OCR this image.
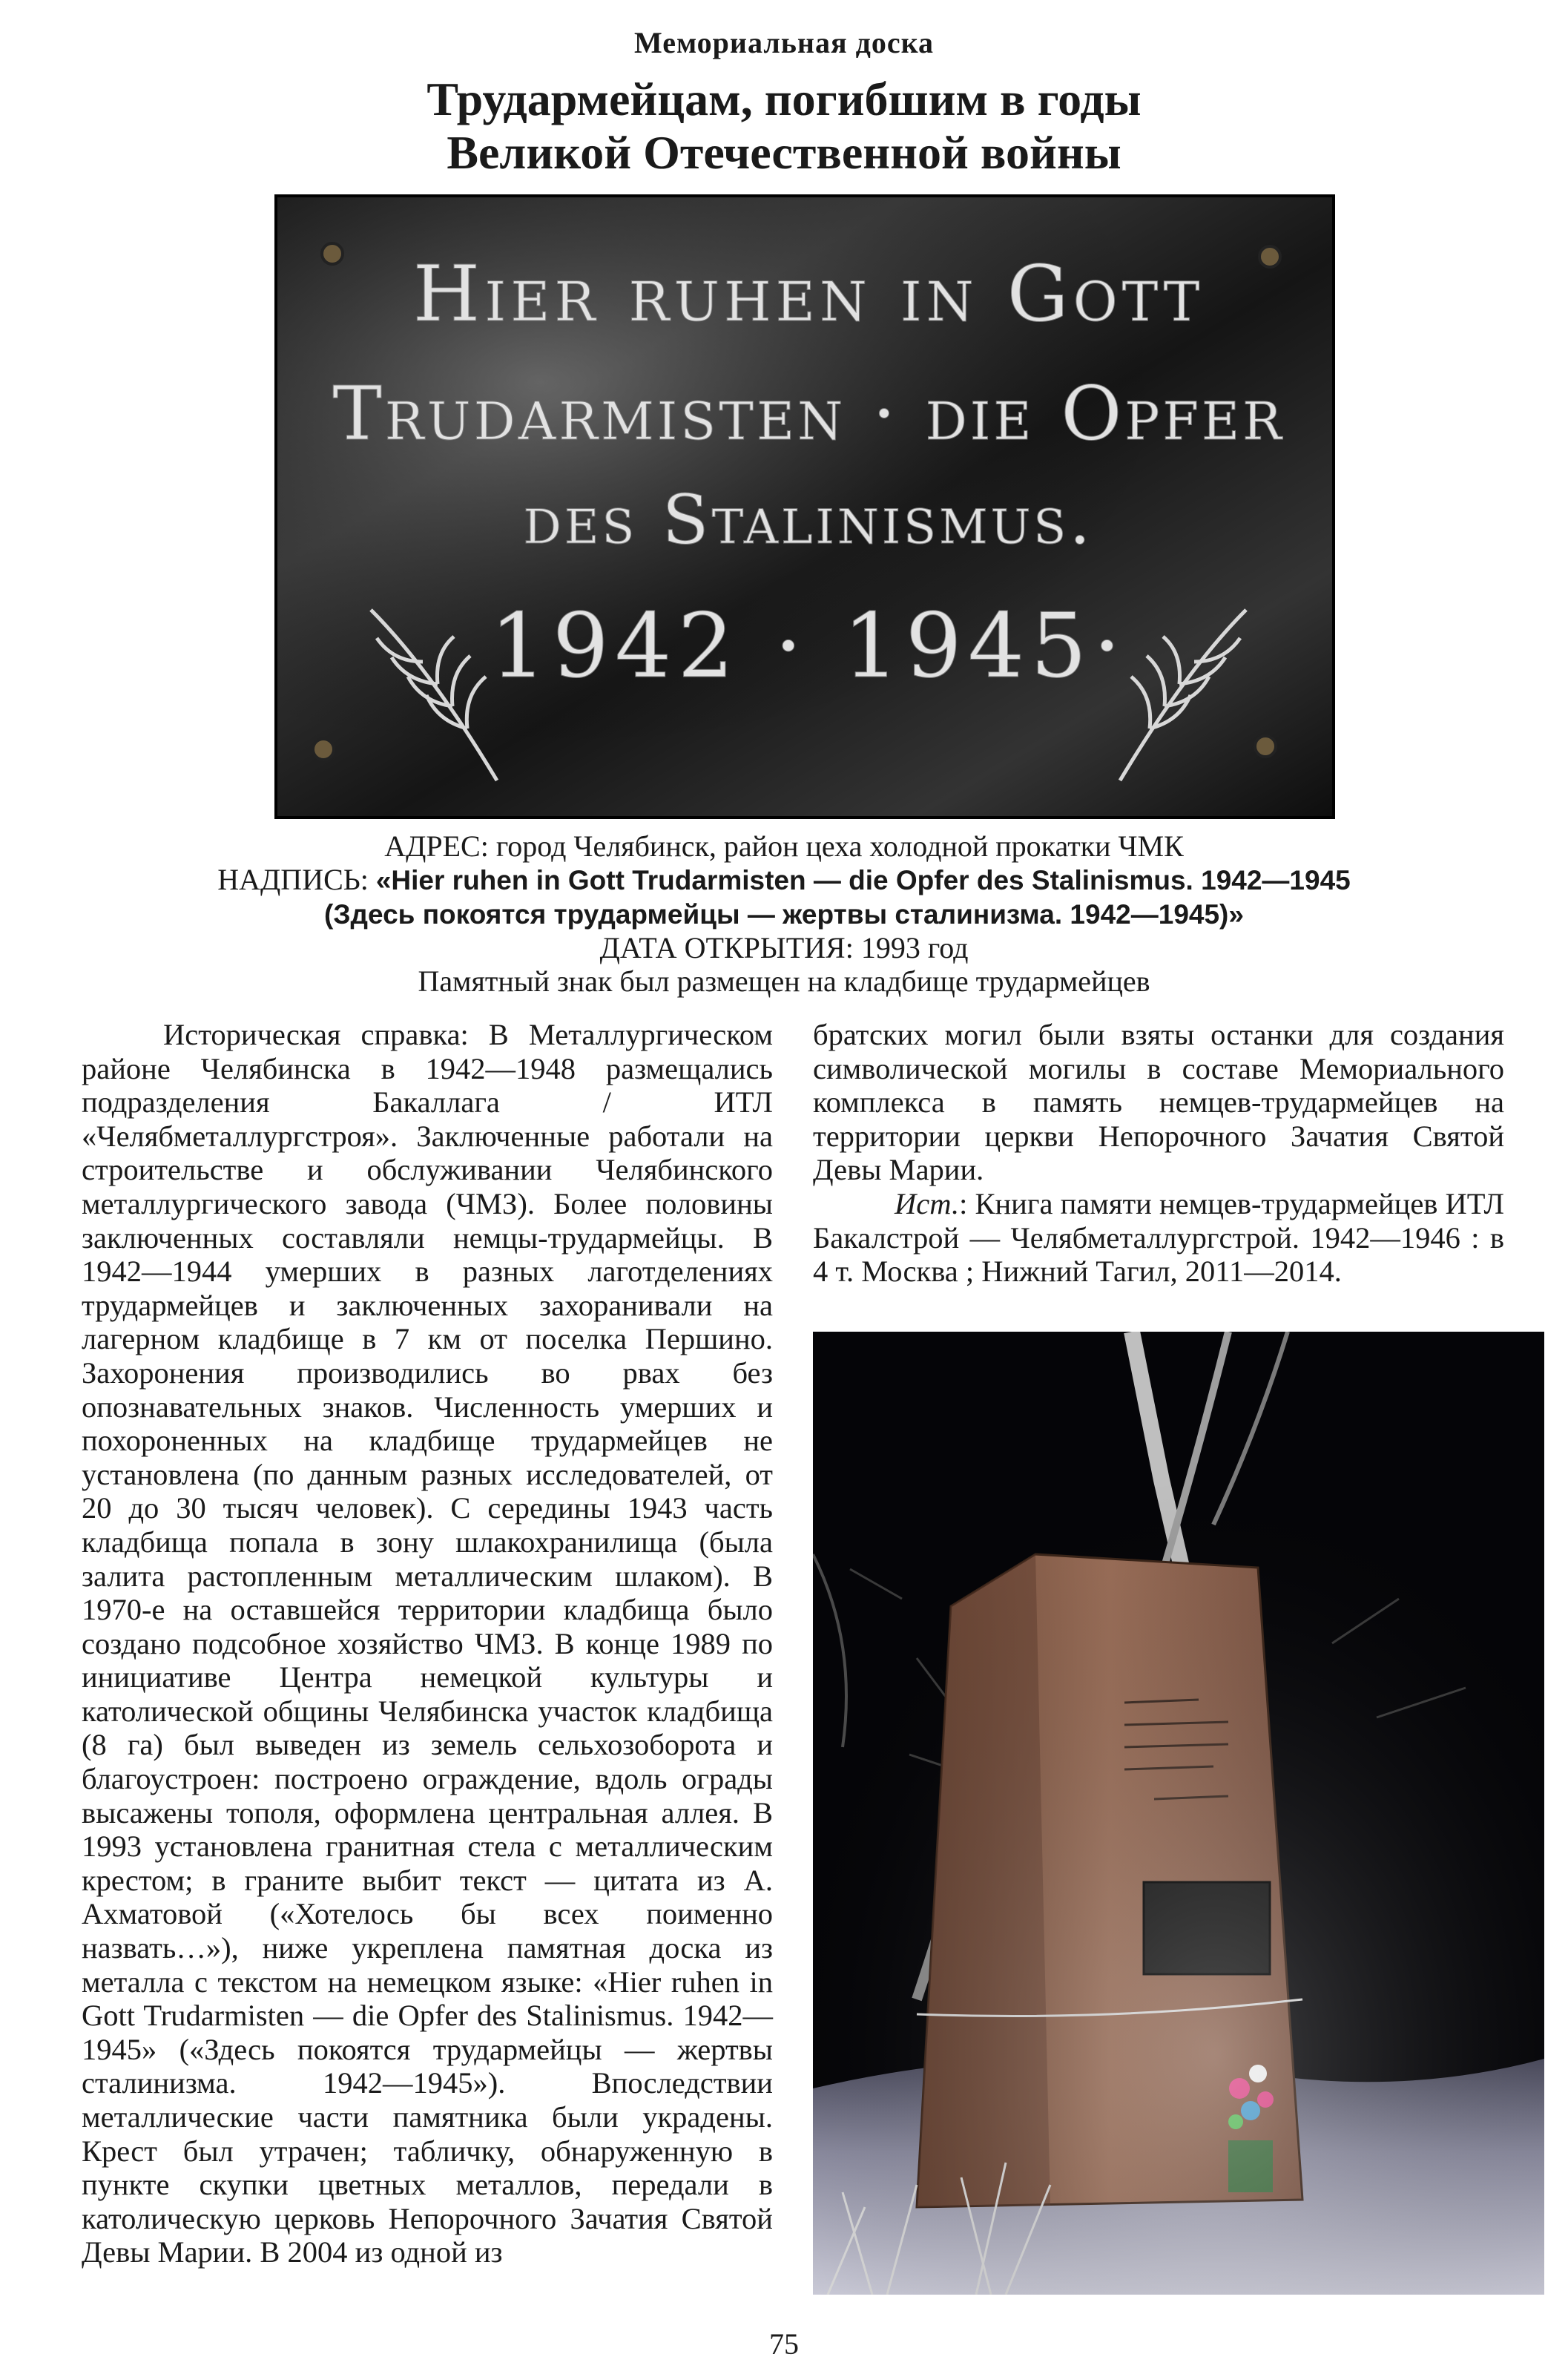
Мемориальная доска
Трудармейцам, погибшим в годы
Великой Отечественной войны
Hier ruhen in Gott
Trudarmisten · die Opfer
des Stalinismus.
1942 · 1945·
АДРЕС: город Челябинск, район цеха холодной прокатки ЧМК
НАДПИСЬ: «Hier ruhen in Gott Trudarmisten — die Opfer des Stalinismus. 1942—1945
(Здесь покоятся трудармейцы — жертвы сталинизма. 1942—1945)»
ДАТА ОТКРЫТИЯ: 1993 год
Памятный знак был размещен на кладбище трудармейцев

Историческая справка: В Металлургическом районе Челябинска в 1942—1948 размещались подразделения Бакаллага / ИТЛ «Челябметаллургстроя». Заключенные работали на строительстве и обслуживании Челябинского металлургического завода (ЧМЗ). Более половины заключенных составляли немцы-трудармейцы. В 1942—1944 умерших в разных лаготделениях трудармейцев и заключенных захоранивали на лагерном кладбище в 7 км от поселка Першино. Захоронения производились во рвах без опознавательных знаков. Численность умерших и похороненных на кладбище трудармейцев не установлена (по данным разных исследователей, от 20 до 30 тысяч человек). С середины 1943 часть кладбища попала в зону шлакохранилища (была залита растопленным металлическим шлаком). В 1970-е на оставшейся территории кладбища было создано подсобное хозяйство ЧМЗ. В конце 1989 по инициативе Центра немецкой культуры и католической общины Челябинска участок кладбища (8 га) был выведен из земель сельхозоборота и благоустроен: построено ограждение, вдоль ограды высажены тополя, оформлена центральная аллея. В 1993 установлена гранитная стела с металлическим крестом; в граните выбит текст — цитата из А. Ахматовой («Хотелось бы всех поименно назвать…»), ниже укреплена памятная доска из металла с текстом на немецком языке: «Hier ruhen in Gott Trudarmisten — die Opfer des Stalinismus. 1942—1945» («Здесь покоятся трудармейцы — жертвы сталинизма. 1942—1945»). Впоследствии металлические части памятника были украдены. Крест был утрачен; табличку, обнаруженную в пункте скупки цветных металлов, передали в католическую церковь Непорочного Зачатия Святой Девы Марии. В 2004 из одной из

братских могил были взяты останки для создания символической могилы в составе Мемориального комплекса в память немцев-трудармейцев на территории церкви Непорочного Зачатия Святой Девы Марии.

Ист.: Книга памяти немцев-трудармейцев ИТЛ Бакалстрой — Челябметаллургстрой. 1942—1946 : в 4 т. Москва ; Нижний Тагил, 2011—2014.

75
